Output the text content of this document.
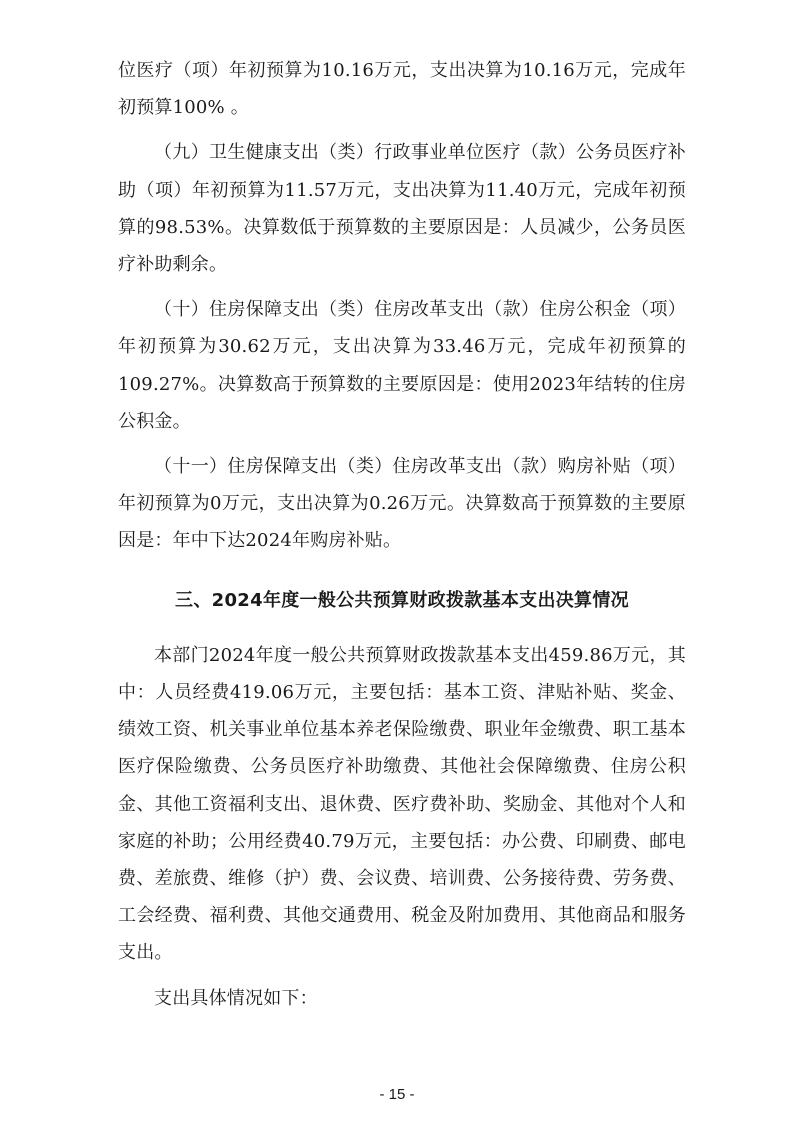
位医疗（项）年初预算为10.16万元，支出决算为10.16万元，完成年初预算100% 。

（九）卫生健康支出（类）行政事业单位医疗（款）公务员医疗补助（项）年初预算为11.57万元，支出决算为11.40万元，完成年初预算的98.53%。决算数低于预算数的主要原因是：人员减少，公务员医疗补助剩余。

（十）住房保障支出（类）住房改革支出（款）住房公积金（项）年初预算为30.62万元，支出决算为33.46万元，完成年初预算的109.27%。决算数高于预算数的主要原因是：使用2023年结转的住房公积金。

（十一）住房保障支出（类）住房改革支出（款）购房补贴（项）年初预算为0万元，支出决算为0.26万元。决算数高于预算数的主要原因是：年中下达2024年购房补贴。

三、2024年度一般公共预算财政拨款基本支出决算情况

本部门2024年度一般公共预算财政拨款基本支出459.86万元，其中：人员经费419.06万元，主要包括：基本工资、津贴补贴、奖金、绩效工资、机关事业单位基本养老保险缴费、职业年金缴费、职工基本医疗保险缴费、公务员医疗补助缴费、其他社会保障缴费、住房公积金、其他工资福利支出、退休费、医疗费补助、奖励金、其他对个人和家庭的补助；公用经费40.79万元，主要包括：办公费、印刷费、邮电费、差旅费、维修（护）费、会议费、培训费、公务接待费、劳务费、工会经费、福利费、其他交通费用、税金及附加费用、其他商品和服务支出。

支出具体情况如下：

- 15 -
